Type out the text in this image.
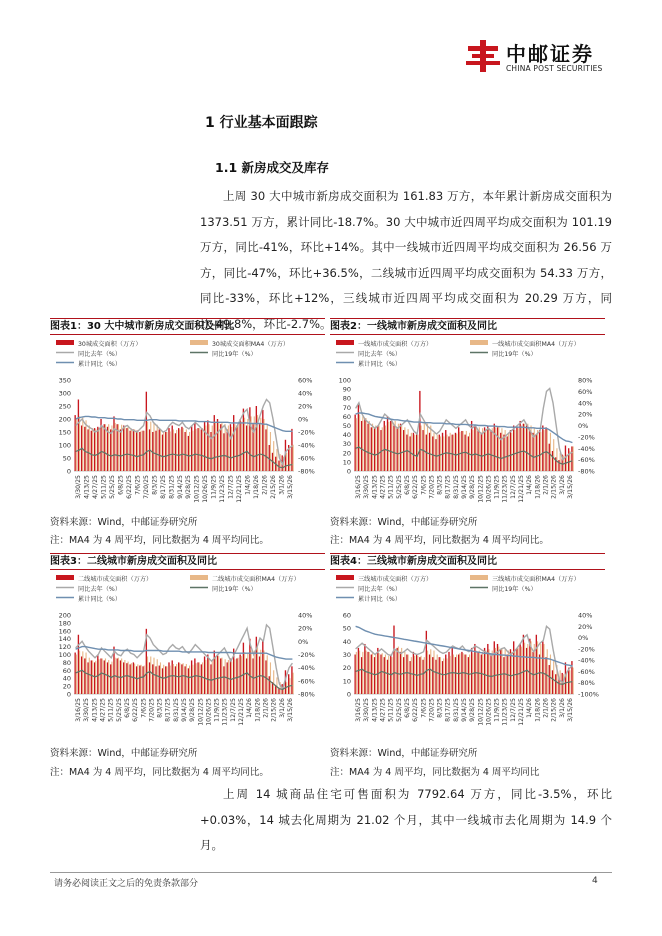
中邮证券
CHINA POST SECURITIES
1 行业基本面跟踪
1.1 新房成交及库存

上周 30 大中城市新房成交面积为 161.83 万方，本年累计新房成交面积为 1373.51 万方，累计同比-18.7%。30 大中城市近四周平均成交面积为 101.19 万方，同比-41%，环比+14%。其中一线城市近四周平均成交面积为 26.56 万方，同比-47%，环比+36.5%，二线城市近四周平均成交面积为 54.33 万方，同比-33%，环比+12%，三线城市近四周平均成交面积为 20.29 万方，同比-49.8%，环比-2.7%。

图表1：30 大中城市新房成交面积及同比
30城成交面积（万方）	30城成交面积MA4（万方）
同比去年（%）	同比19年（%）
累计同比（%）
0
50
100
150
200
250
300
350
-80%
-60%
-40%
-20%
0%
20%
40%
60%
3/30/25 4/13/25 4/27/25 5/11/25 5/25/25 6/8/25 6/22/25 7/6/25 7/20/25 8/3/25 8/17/25 8/31/25 9/14/25 9/28/25 10/12/25 10/26/25 11/9/25 11/23/25 12/7/25 12/21/25 1/4/26 1/18/26 2/1/26 2/15/26 3/1/26 3/15/26
资料来源：Wind，中邮证券研究所
注：MA4 为 4 周平均，同比数据为 4 周平均同比。
图表2：一线城市新房成交面积及同比
一线城市成交面积（万方）	一线城市成交面积MA4（万方）
同比去年（%）	同比19年（%）
累计同比（%）
0
10
20
30
40
50
60
70
80
90
100
-80%
-60%
-40%
-20%
0%
20%
40%
60%
80%
3/16/25 3/30/25 4/13/25 4/27/25 5/11/25 5/25/25 6/8/25 6/22/25 7/6/25 7/20/25 8/3/25 8/17/25 8/31/25 9/14/25 9/28/25 10/12/25 10/26/25 11/9/25 11/23/25 12/7/25 12/21/25 1/4/26 1/18/26 2/1/26 2/15/26 3/1/26 3/15/26
资料来源：Wind，中邮证券研究所
注：MA4 为 4 周平均，同比数据为 4 周平均同比。
图表3：二线城市新房成交面积及同比
二线城市成交面积（万方）	二线城市成交面积MA4（万方）
同比去年（%）	同比19年（%）
累计同比（%）
0
20
40
60
80
100
120
140
160
180
200
-80%
-60%
-40%
-20%
0%
20%
40%
3/16/25 3/30/25 4/13/25 4/27/25 5/11/25 5/25/25 6/8/25 6/22/25 7/6/25 7/20/25 8/3/25 8/17/25 8/31/25 9/14/25 9/28/25 10/12/25 10/26/25 11/9/25 11/23/25 12/7/25 12/21/25 1/4/26 1/18/26 2/1/26 2/15/26 3/1/26 3/15/26
资料来源：Wind，中邮证券研究所
注：MA4 为 4 周平均，同比数据为 4 周平均同比。
图表4：三线城市新房成交面积及同比
三线城市成交面积（万方）	三线城市成交面积MA4（万方）
同比去年（%）	同比19年（%）
累计同比（%）
0
10
20
30
40
50
60
-100%
-80%
-60%
-40%
-20%
0%
20%
40%
3/16/25 3/30/25 4/13/25 4/27/25 5/11/25 5/25/25 6/8/25 6/22/25 7/6/25 7/20/25 8/3/25 8/17/25 8/31/25 9/14/25 9/28/25 10/12/25 10/26/25 11/9/25 11/23/25 12/7/25 12/21/25 1/4/26 1/18/26 2/1/26 2/15/26 3/1/26 3/15/26
资料来源：Wind，中邮证券研究所
注：MA4 为 4 周平均，同比数据为 4 周平均同比

上周 14 城商品住宅可售面积为 7792.64 万方，同比-3.5%，环比+0.03%，14 城去化周期为 21.02 个月，其中一线城市去化周期为 14.9 个月。

请务必阅读正文之后的免责条款部分	4
